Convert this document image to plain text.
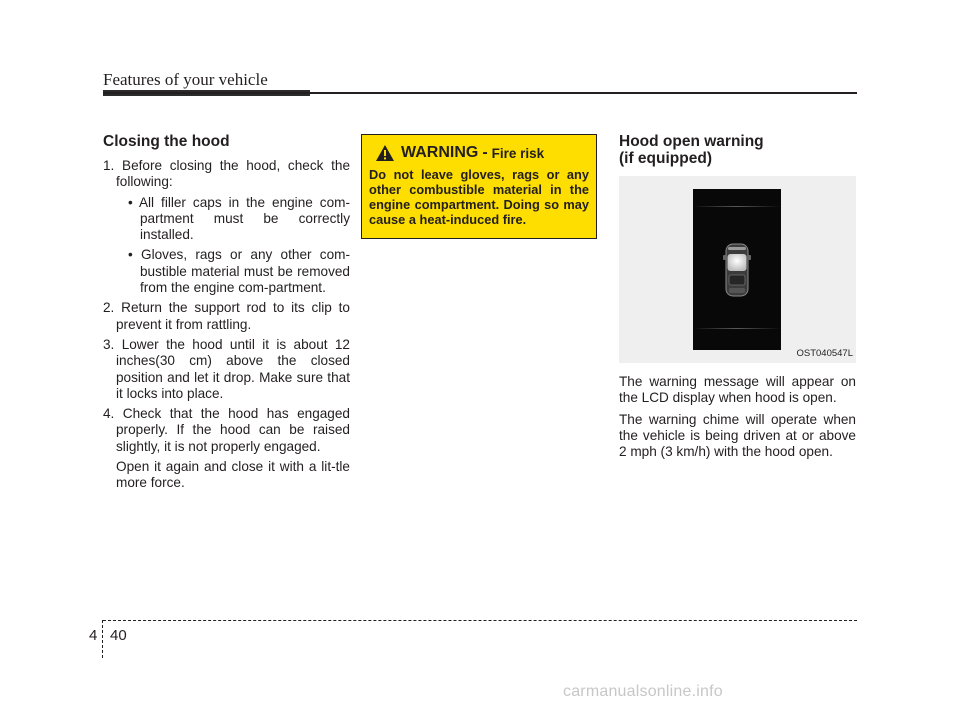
Features of your vehicle
Closing the hood
1. Before closing the hood, check the following:
• All filler caps in the engine com-partment must be correctly installed.
• Gloves, rags or any other com-bustible material must be removed from the engine com-partment.
2. Return the support rod to its clip to prevent it from rattling.
3. Lower the hood until it is about 12 inches(30 cm) above the closed position and let it drop. Make sure that it locks into place.
4. Check that the hood has engaged properly. If the hood can be raised slightly, it is not properly engaged.

Open it again and close it with a lit-tle more force.

WARNING - Fire risk
Do not leave gloves, rags or any other combustible material in the engine compartment. Doing so may cause a heat-induced fire.
Hood open warning
(if equipped)

The warning message will appear on the LCD display when hood is open.

The warning chime will operate when the vehicle is being driven at or above 2 mph (3 km/h) with the hood open.

OST040547L
4 40
carmanualsonline.info
